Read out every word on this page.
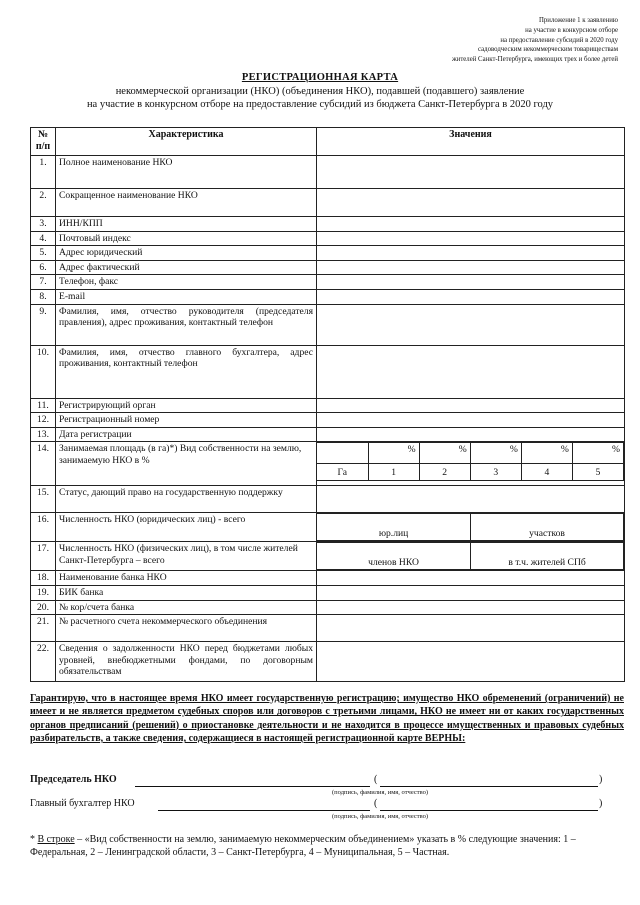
Приложение 1 к заявлению
на участие в конкурсном отборе
на предоставление субсидий в 2020 году
садоводческим некоммерческим товариществам
жителей Санкт-Петербурга, имеющих трех и более детей
РЕГИСТРАЦИОННАЯ КАРТА
некоммерческой организации (НКО) (объединения НКО), подавшей (подавшего) заявление
на участие в конкурсном отборе на предоставление субсидий из бюджета Санкт-Петербурга в 2020 году
№ п/п	Характеристика	Значения
1.	Полное наименование НКО	
2.	Сокращенное наименование НКО	
3.	ИНН/КПП	
4.	Почтовый индекс	
5.	Адрес юридический	
6.	Адрес фактический	
7.	Телефон, факс	
8.	E-mail	
9.	Фамилия, имя, отчество руководителя (председателя правления), адрес проживания, контактный телефон	
10.	Фамилия, имя, отчество главного бухгалтера, адрес проживания, контактный телефон	
11.	Регистрирующий орган	
12.	Регистрационный номер	
13.	Дата регистрации	
14.	Занимаемая площадь (в га)*) Вид собственности на землю, занимаемую НКО в %	
	%	%	%	%	%
Га	1	2	3	4	5

15.	Статус, дающий право на государственную поддержку	
16.	Численность НКО (юридических лиц) - всего	
юр.лиц	участков

17.	Численность НКО (физических лиц), в том числе жителей Санкт-Петербурга – всего		членов НКО	в т.ч. жителей СПб

18.	Наименование банка НКО	
19.	БИК банка	
20.	№ кор/счета банка	
21.	№ расчетного счета некоммерческого объединения	
22.	Сведения о задолженности НКО перед бюджетами любых уровней, внебюджетными фондами, по договорным обязательствам	
Гарантирую, что в настоящее время НКО имеет государственную регистрацию; имущество НКО обременений (ограничений) не имеет и не является предметом судебных споров или договоров с третьими лицами, НКО не имеет ни от каких государственных органов предписаний (решений) о приостановке деятельности и не находится в процессе имущественных и правовых судебных разбирательств, а также сведения, содержащиеся в настоящей регистрационной карте ВЕРНЫ:
Председатель НКО	(	)
(подпись, фамилия, имя, отчество)
Главный бухгалтер НКО	(	)
(подпись, фамилия, имя, отчество)
* В строке – «Вид собственности на землю, занимаемую некоммерческим объединением» указать в % следующие значения: 1 – Федеральная, 2 – Ленинградской области, 3 – Санкт-Петербурга, 4 – Муниципальная, 5 – Частная.
